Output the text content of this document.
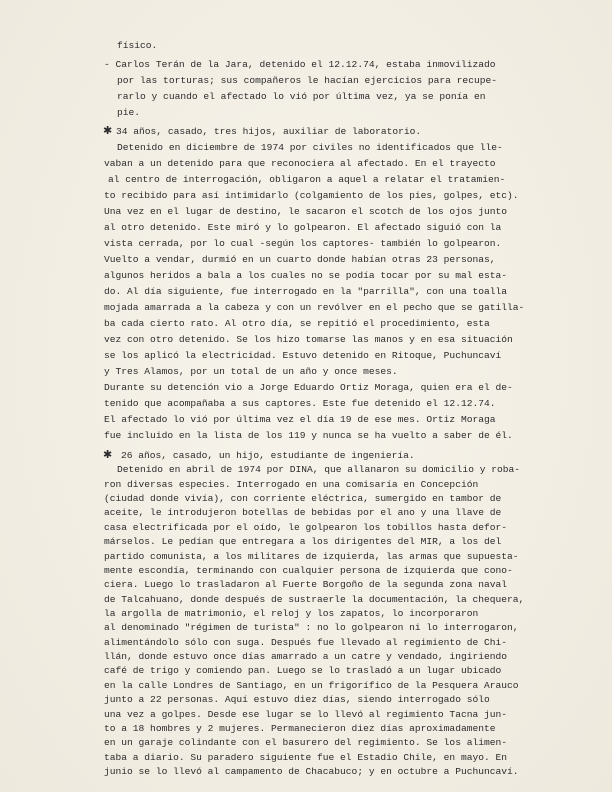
físico.
- Carlos Terán de la Jara, detenido el 12.12.74, estaba inmovilizado
por las torturas; sus compañeros le hacían ejercicios para recupe-
rarlo y cuando el afectado lo vió por última vez, ya se ponía en
pie.
✱ 34 años, casado, tres hijos, auxiliar de laboratorio.
Detenido en diciembre de 1974 por civiles no identificados que lle-
vaban a un detenido para que reconociera al afectado. En el trayecto
al centro de interrogación, obligaron a aquel a relatar el tratamien-
to recibido para así intimidarlo (colgamiento de los pies, golpes, etc).
Una vez en el lugar de destino, le sacaron el scotch de los ojos junto
al otro detenido. Este miró y lo golpearon. El afectado siguió con la
vista cerrada, por lo cual -según los captores- también lo golpearon.
Vuelto a vendar, durmió en un cuarto donde habían otras 23 personas,
algunos heridos a bala a los cuales no se podía tocar por su mal esta-
do. Al día siguiente, fue interrogado en la "parrilla", con una toalla
mojada amarrada a la cabeza y con un revólver en el pecho que se gatilla-
ba cada cierto rato. Al otro día, se repitió el procedimiento, esta
vez con otro detenido. Se los hizo tomarse las manos y en esa situación
se los aplicó la electricidad. Estuvo detenido en Ritoque, Puchuncaví
y Tres Alamos, por un total de un año y once meses.
Durante su detención vio a Jorge Eduardo Ortiz Moraga, quien era el de-
tenido que acompañaba a sus captores. Este fue detenido el 12.12.74.
El afectado lo vió por última vez el día 19 de ese mes. Ortiz Moraga
fue incluido en la lista de los 119 y nunca se ha vuelto a saber de él.
✱ 26 años, casado, un hijo, estudiante de ingeniería.
Detenido en abril de 1974 por DINA, que allanaron su domicilio y roba-
ron diversas especies. Interrogado en una comisaría en Concepción
(ciudad donde vivía), con corriente eléctrica, sumergido en tambor de
aceite, le introdujeron botellas de bebidas por el ano y una llave de
casa electrificada por el oído, le golpearon los tobillos hasta defor-
márselos. Le pedían que entregara a los dirigentes del MIR, a los del
partido comunista, a los militares de izquierda, las armas que supuesta-
mente escondía, terminando con cualquier persona de izquierda que cono-
ciera. Luego lo trasladaron al Fuerte Borgoño de la segunda zona naval
de Talcahuano, donde después de sustraerle la documentación, la chequera,
la argolla de matrimonio, el reloj y los zapatos, lo incorporaron
al denominado "régimen de turista" : no lo golpearon ni lo interrogaron,
alimentándolo sólo con suga. Después fue llevado al regimiento de Chi-
llán, donde estuvo once días amarrado a un catre y vendado, ingiriendo
café de trigo y comiendo pan. Luego se lo trasladó a un lugar ubicado
en la calle Londres de Santiago, en un frigorífico de la Pesquera Arauco
junto a 22 personas. Aquí estuvo diez días, siendo interrogado sólo
una vez a golpes. Desde ese lugar se lo llevó al regimiento Tacna jun-
to a 18 hombres y 2 mujeres. Permanecieron diez días aproximadamente
en un garaje colindante con el basurero del regimiento. Se los alimen-
taba a diario. Su paradero siguiente fue el Estadio Chile, en mayo. En
junio se lo llevó al campamento de Chacabuco; y en octubre a Puchuncaví.
